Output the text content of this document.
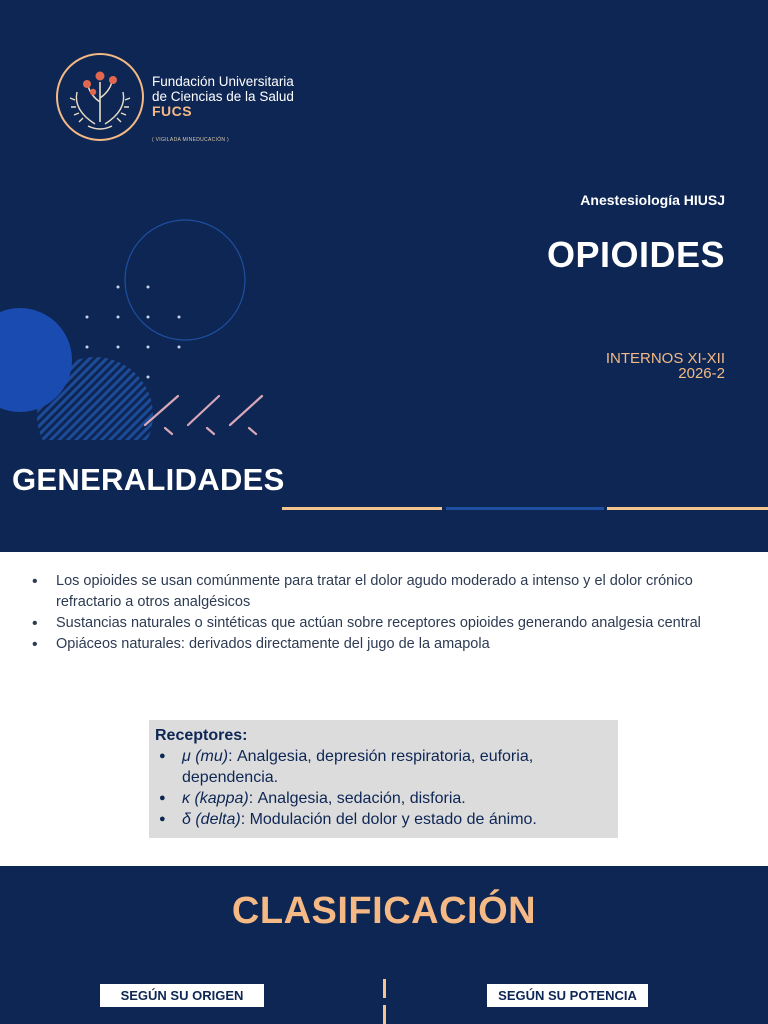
Fundación Universitaria
de Ciencias de la Salud
FUCS
( VIGILADA MINEDUCACIÓN )
Anestesiología HIUSJ
OPIOIDES
INTERNOS XI-XII
2026-2
GENERALIDADES
• Los opioides se usan comúnmente para tratar el dolor agudo moderado a intenso y el dolor crónico refractario a otros analgésicos
• Sustancias naturales o sintéticas que actúan sobre receptores opioides generando analgesia central
• Opiáceos naturales: derivados directamente del jugo de la amapola
Receptores:
● μ (mu): Analgesia, depresión respiratoria, euforia, dependencia.
● κ (kappa): Analgesia, sedación, disforia.
● δ (delta): Modulación del dolor y estado de ánimo.
CLASIFICACIÓN
SEGÚN SU ORIGEN	SEGÚN SU POTENCIA
